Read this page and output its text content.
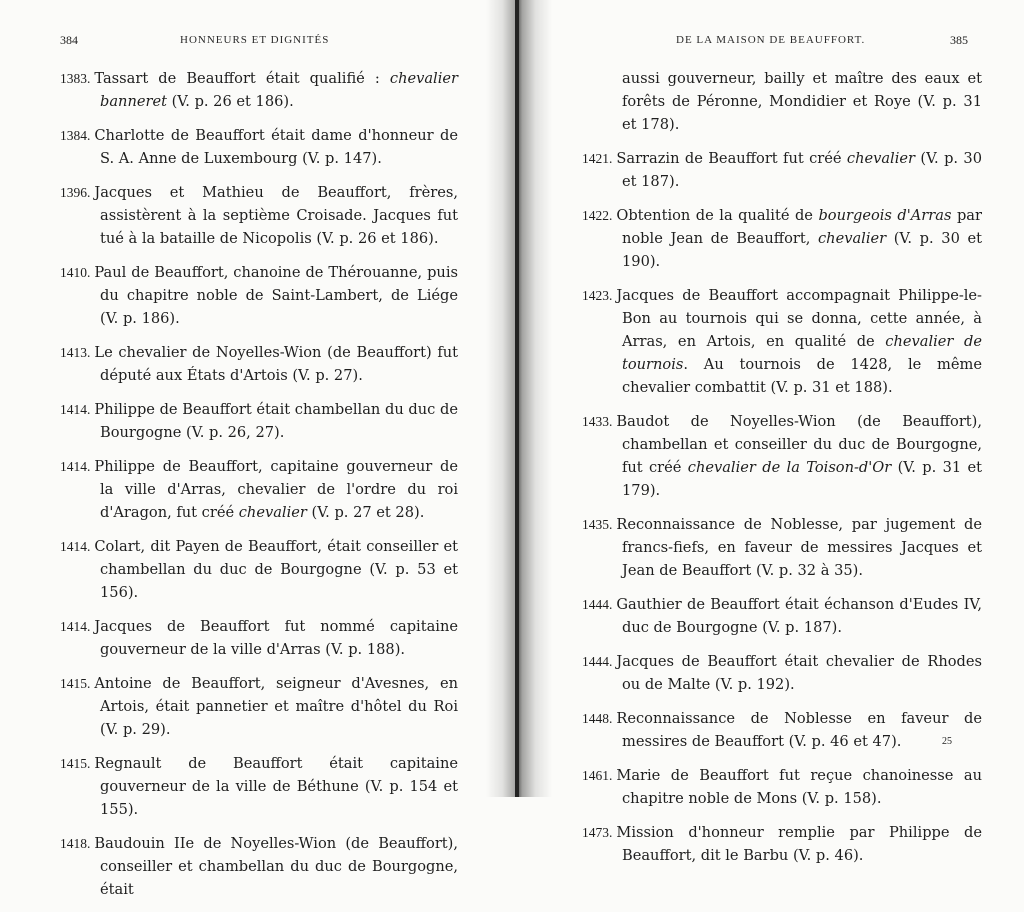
384	HONNEURS ET DIGNITÉS
1383. Tassart de Beauffort était qualifié : chevalier banneret (V. p. 26 et 186).
1384. Charlotte de Beauffort était dame d'honneur de S. A. Anne de Luxembourg (V. p. 147).
1396. Jacques et Mathieu de Beauffort, frères, assistèrent à la septième Croisade. Jacques fut tué à la bataille de Nicopolis (V. p. 26 et 186).
1410. Paul de Beauffort, chanoine de Thérouanne, puis du chapitre noble de Saint-Lambert, de Liége (V. p. 186).
1413. Le chevalier de Noyelles-Wion (de Beauffort) fut député aux États d'Artois (V. p. 27).
1414. Philippe de Beauffort était chambellan du duc de Bourgogne (V. p. 26, 27).
1414. Philippe de Beauffort, capitaine gouverneur de la ville d'Arras, chevalier de l'ordre du roi d'Aragon, fut créé chevalier (V. p. 27 et 28).
1414. Colart, dit Payen de Beauffort, était conseiller et chambellan du duc de Bourgogne (V. p. 53 et 156).
1414. Jacques de Beauffort fut nommé capitaine gouverneur de la ville d'Arras (V. p. 188).
1415. Antoine de Beauffort, seigneur d'Avesnes, en Artois, était pannetier et maître d'hôtel du Roi (V. p. 29).
1415. Regnault de Beauffort était capitaine gouverneur de la ville de Béthune (V. p. 154 et 155).
1418. Baudouin IIe de Noyelles-Wion (de Beauffort), conseiller et chambellan du duc de Bourgogne, était
DE LA MAISON DE BEAUFFORT.	385
aussi gouverneur, bailly et maître des eaux et forêts de Péronne, Mondidier et Roye (V. p. 31 et 178).
1421. Sarrazin de Beauffort fut créé chevalier (V. p. 30 et 187).
1422. Obtention de la qualité de bourgeois d'Arras par noble Jean de Beauffort, chevalier (V. p. 30 et 190).
1423. Jacques de Beauffort accompagnait Philippe-le-Bon au tournois qui se donna, cette année, à Arras, en Artois, en qualité de chevalier de tournois. Au tournois de 1428, le même chevalier combattit (V. p. 31 et 188).
1433. Baudot de Noyelles-Wion (de Beauffort), chambellan et conseiller du duc de Bourgogne, fut créé chevalier de la Toison-d'Or (V. p. 31 et 179).
1435. Reconnaissance de Noblesse, par jugement de francs-fiefs, en faveur de messires Jacques et Jean de Beauffort (V. p. 32 à 35).
1444. Gauthier de Beauffort était échanson d'Eudes IV, duc de Bourgogne (V. p. 187).
1444. Jacques de Beauffort était chevalier de Rhodes ou de Malte (V. p. 192).
1448. Reconnaissance de Noblesse en faveur de messires de Beauffort (V. p. 46 et 47).
1461. Marie de Beauffort fut reçue chanoinesse au chapitre noble de Mons (V. p. 158).
1473. Mission d'honneur remplie par Philippe de Beauffort, dit le Barbu (V. p. 46).
25
